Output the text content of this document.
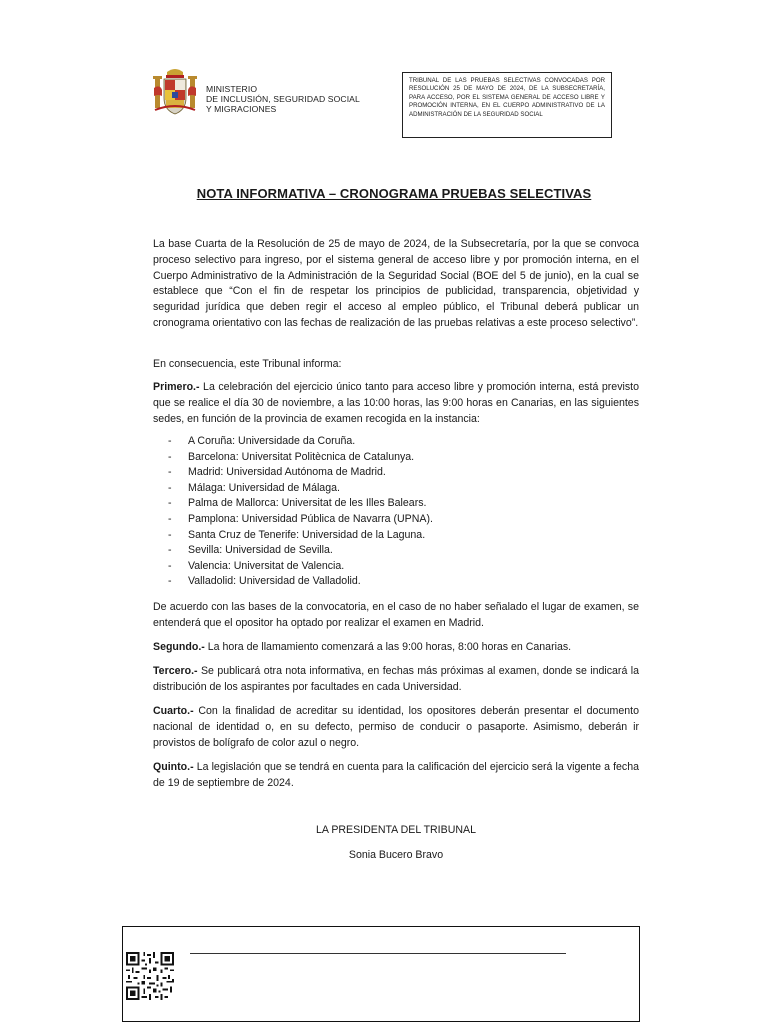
MINISTERIO
DE INCLUSIÓN, SEGURIDAD SOCIAL
Y MIGRACIONES
TRIBUNAL DE LAS PRUEBAS SELECTIVAS CONVOCADAS POR RESOLUCIÓN 25 DE MAYO DE 2024, DE LA SUBSECRETARÍA, PARA ACCESO, POR EL SISTEMA GENERAL DE ACCESO LIBRE Y PROMOCIÓN INTERNA, EN EL CUERPO ADMINISTRATIVO DE LA ADMINISTRACIÓN DE LA SEGURIDAD SOCIAL
NOTA INFORMATIVA – CRONOGRAMA PRUEBAS SELECTIVAS
La base Cuarta de la Resolución de 25 de mayo de 2024, de la Subsecretaría, por la que se convoca proceso selectivo para ingreso, por el sistema general de acceso libre y por promoción interna, en el Cuerpo Administrativo de la Administración de la Seguridad Social (BOE del 5 de junio), en la cual se establece que “Con el fin de respetar los principios de publicidad, transparencia, objetividad y seguridad jurídica que deben regir el acceso al empleo público, el Tribunal deberá publicar un cronograma orientativo con las fechas de realización de las pruebas relativas a este proceso selectivo”.
En consecuencia, este Tribunal informa:
Primero.- La celebración del ejercicio único tanto para acceso libre y promoción interna, está previsto que se realice el día 30 de noviembre, a las 10:00 horas, las 9:00 horas en Canarias, en las siguientes sedes, en función de la provincia de examen recogida en la instancia:
- A Coruña: Universidade da Coruña.
- Barcelona: Universitat Politècnica de Catalunya.
- Madrid: Universidad Autónoma de Madrid.
- Málaga: Universidad de Málaga.
- Palma de Mallorca: Universitat de les Illes Balears.
- Pamplona: Universidad Pública de Navarra (UPNA).
- Santa Cruz de Tenerife: Universidad de la Laguna.
- Sevilla: Universidad de Sevilla.
- Valencia: Universitat de Valencia.
- Valladolid: Universidad de Valladolid.
De acuerdo con las bases de la convocatoria, en el caso de no haber señalado el lugar de examen, se entenderá que el opositor ha optado por realizar el examen en Madrid.
Segundo.- La hora de llamamiento comenzará a las 9:00 horas, 8:00 horas en Canarias.
Tercero.- Se publicará otra nota informativa, en fechas más próximas al examen, donde se indicará la distribución de los aspirantes por facultades en cada Universidad.
Cuarto.- Con la finalidad de acreditar su identidad, los opositores deberán presentar el documento nacional de identidad o, en su defecto, permiso de conducir o pasaporte. Asimismo, deberán ir provistos de bolígrafo de color azul o negro.
Quinto.- La legislación que se tendrá en cuenta para la calificación del ejercicio será la vigente a fecha de 19 de septiembre de 2024.
LA PRESIDENTA DEL TRIBUNAL
Sonia Bucero Bravo
